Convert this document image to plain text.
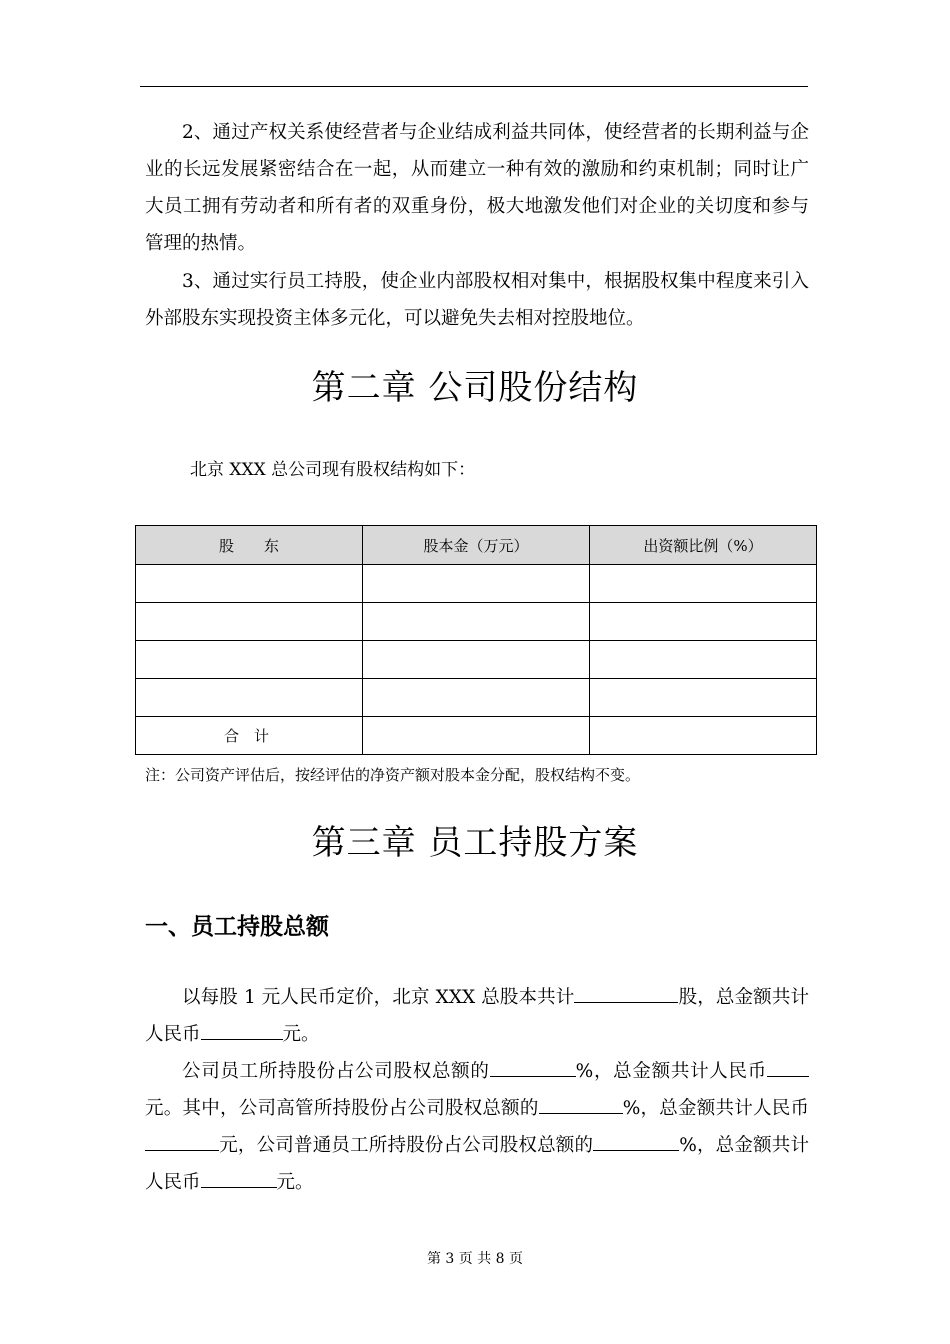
2、通过产权关系使经营者与企业结成利益共同体，使经营者的长期利益与企业的长远发展紧密结合在一起，从而建立一种有效的激励和约束机制；同时让广大员工拥有劳动者和所有者的双重身份，极大地激发他们对企业的关切度和参与管理的热情。

3、通过实行员工持股，使企业内部股权相对集中，根据股权集中程度来引入外部股东实现投资主体多元化，可以避免失去相对控股地位。

第二章 公司股份结构

北京 XXX 总公司现有股权结构如下：

股　　东	股本金（万元）	出资额比例（%）

合　计		

注：公司资产评估后，按经评估的净资产额对股本金分配，股权结构不变。

第三章 员工持股方案
一、员工持股总额

以每股 1 元人民币定价，北京 XXX 总股本共计	股，总金额共计人民币	元。

公司员工所持股份占公司股权总额的	%，总金额共计人民币元。其中，公司高管所持股份占公司股权总额的	%，总金额共计人民币元，公司普通员工所持股份占公司股权总额的	%，总金额共计人民币	元。

第 3 页 共 8 页
